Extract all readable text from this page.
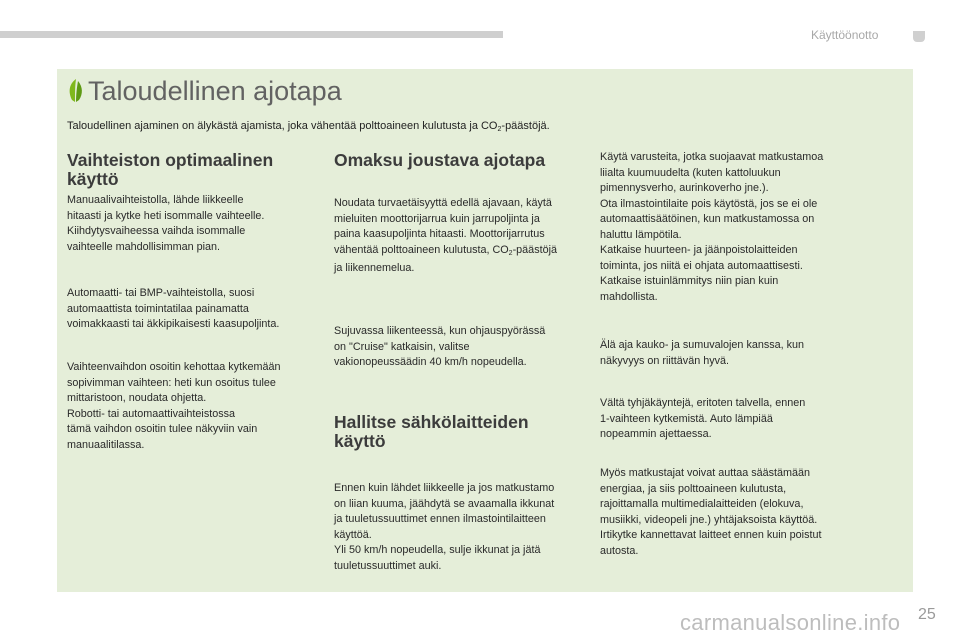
Käyttöönotto
Taloudellinen ajotapa

Taloudellinen ajaminen on älykästä ajamista, joka vähentää polttoaineen kulutusta ja $CO_2$-päästöjä.

Vaihteiston optimaalinen
käyttö

Manuaalivaihteistolla, lähde liikkeelle
hitaasti ja kytke heti isommalle vaihteelle.
Kiihdytysvaiheessa vaihda isommalle
vaihteelle mahdollisimman pian.

Automaatti- tai BMP-vaihteistolla, suosi
automaattista toimintatilaa painamatta
voimakkaasti tai äkkipikaisesti kaasupoljinta.

Vaihteenvaihdon osoitin kehottaa kytkemään
sopivimman vaihteen: heti kun osoitus tulee
mittaristoon, noudata ohjetta.
Robotti- tai automaattivaihteistossa
tämä vaihdon osoitin tulee näkyviin vain
manuaalitilassa.

Omaksu joustava ajotapa

Noudata turvaetäisyyttä edellä ajavaan, käytä
mieluiten moottorijarrua kuin jarrupoljinta ja
paina kaasupoljinta hitaasti. Moottorijarrutus
vähentää polttoaineen kulutusta, $CO_2$-päästöjä
ja liikennemelua.

Sujuvassa liikenteessä, kun ohjauspyörässä
on "Cruise" katkaisin, valitse
vakionopeussäädin 40 km/h nopeudella.

Hallitse sähkölaitteiden
käyttö

Ennen kuin lähdet liikkeelle ja jos matkustamo
on liian kuuma, jäähdytä se avaamalla ikkunat
ja tuuletussuuttimet ennen ilmastointilaitteen
käyttöä.
Yli 50 km/h nopeudella, sulje ikkunat ja jätä
tuuletussuuttimet auki.

Käytä varusteita, jotka suojaavat matkustamoa
liialta kuumuudelta (kuten kattoluukun
pimennysverho, aurinkoverho jne.).
Ota ilmastointilaite pois käytöstä, jos se ei ole
automaattisäätöinen, kun matkustamossa on
haluttu lämpötila.
Katkaise huurteen- ja jäänpoistolaitteiden
toiminta, jos niitä ei ohjata automaattisesti.
Katkaise istuinlämmitys niin pian kuin
mahdollista.

Älä aja kauko- ja sumuvalojen kanssa, kun
näkyvyys on riittävän hyvä.

Vältä tyhjäkäyntejä, eritoten talvella, ennen
1-vaihteen kytkemistä. Auto lämpiää
nopeammin ajettaessa.

Myös matkustajat voivat auttaa säästämään
energiaa, ja siis polttoaineen kulutusta,
rajoittamalla multimedialaitteiden (elokuva,
musiikki, videopeli jne.) yhtäjaksoista käyttöä.
Irtikytke kannettavat laitteet ennen kuin poistut
autosta.

carmanualsonline.info 25
